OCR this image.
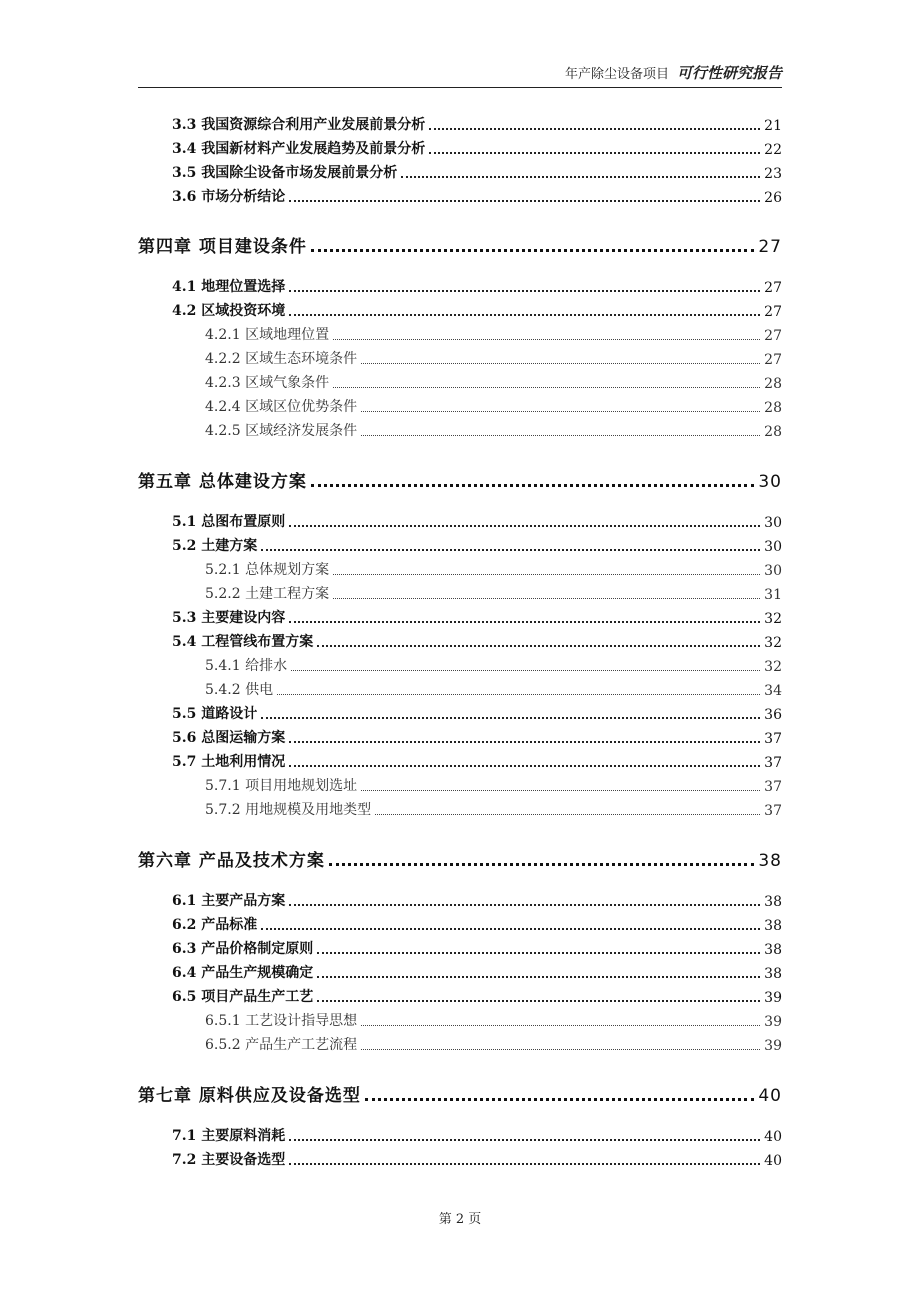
年产除尘设备项目 可行性研究报告
3.3 我国资源综合利用产业发展前景分析	21
3.4 我国新材料产业发展趋势及前景分析	22
3.5 我国除尘设备市场发展前景分析	23
3.6 市场分析结论	26
第四章 项目建设条件	27
4.1 地理位置选择	27
4.2 区域投资环境	27
4.2.1 区域地理位置	27
4.2.2 区域生态环境条件	27
4.2.3 区域气象条件	28
4.2.4 区域区位优势条件	28
4.2.5 区域经济发展条件	28
第五章 总体建设方案	30
5.1 总图布置原则	30
5.2 土建方案	30
5.2.1 总体规划方案	30
5.2.2 土建工程方案	31
5.3 主要建设内容	32
5.4 工程管线布置方案	32
5.4.1 给排水	32
5.4.2 供电	34
5.5 道路设计	36
5.6 总图运输方案	37
5.7 土地利用情况	37
5.7.1 项目用地规划选址	37
5.7.2 用地规模及用地类型	37
第六章 产品及技术方案	38
6.1 主要产品方案	38
6.2 产品标准	38
6.3 产品价格制定原则	38
6.4 产品生产规模确定	38
6.5 项目产品生产工艺	39
6.5.1 工艺设计指导思想	39
6.5.2 产品生产工艺流程	39
第七章 原料供应及设备选型	40
7.1 主要原料消耗	40
7.2 主要设备选型	40
第 2 页
